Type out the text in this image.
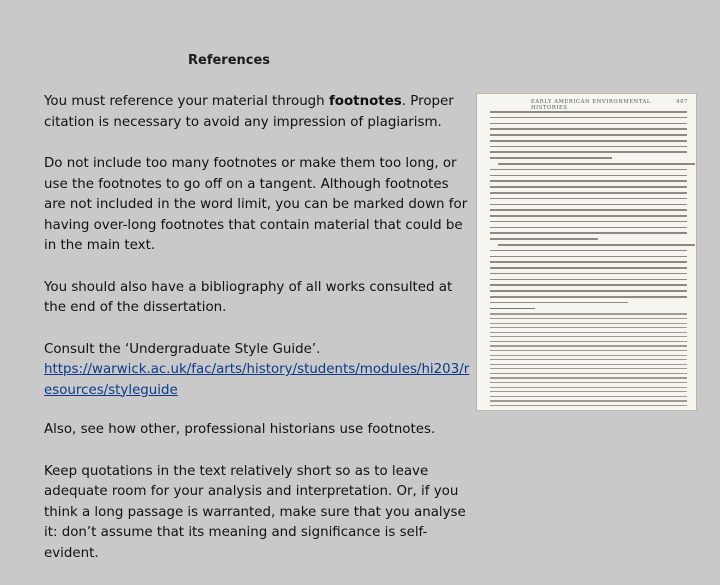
References

You must reference your material through footnotes. Proper citation is necessary to avoid any impression of plagiarism.

Do not include too many footnotes or make them too long, or use the footnotes to go off on a tangent. Although footnotes are not included in the word limit, you can be marked down for having over-long footnotes that contain material that could be in the main text.

You should also have a bibliography of all works consulted at the end of the dissertation.

Consult the ‘Undergraduate Style Guide’.
https://warwick.ac.uk/fac/arts/history/students/modules/hi203/resources/styleguide

Also, see how other, professional historians use footnotes.

Keep quotations in the text relatively short so as to leave adequate room for your analysis and interpretation. Or, if you think a long passage is warranted, make sure that you analyse it: don’t assume that its meaning and significance is self-evident.

EARLY AMERICAN ENVIRONMENTAL HISTORIES
407
